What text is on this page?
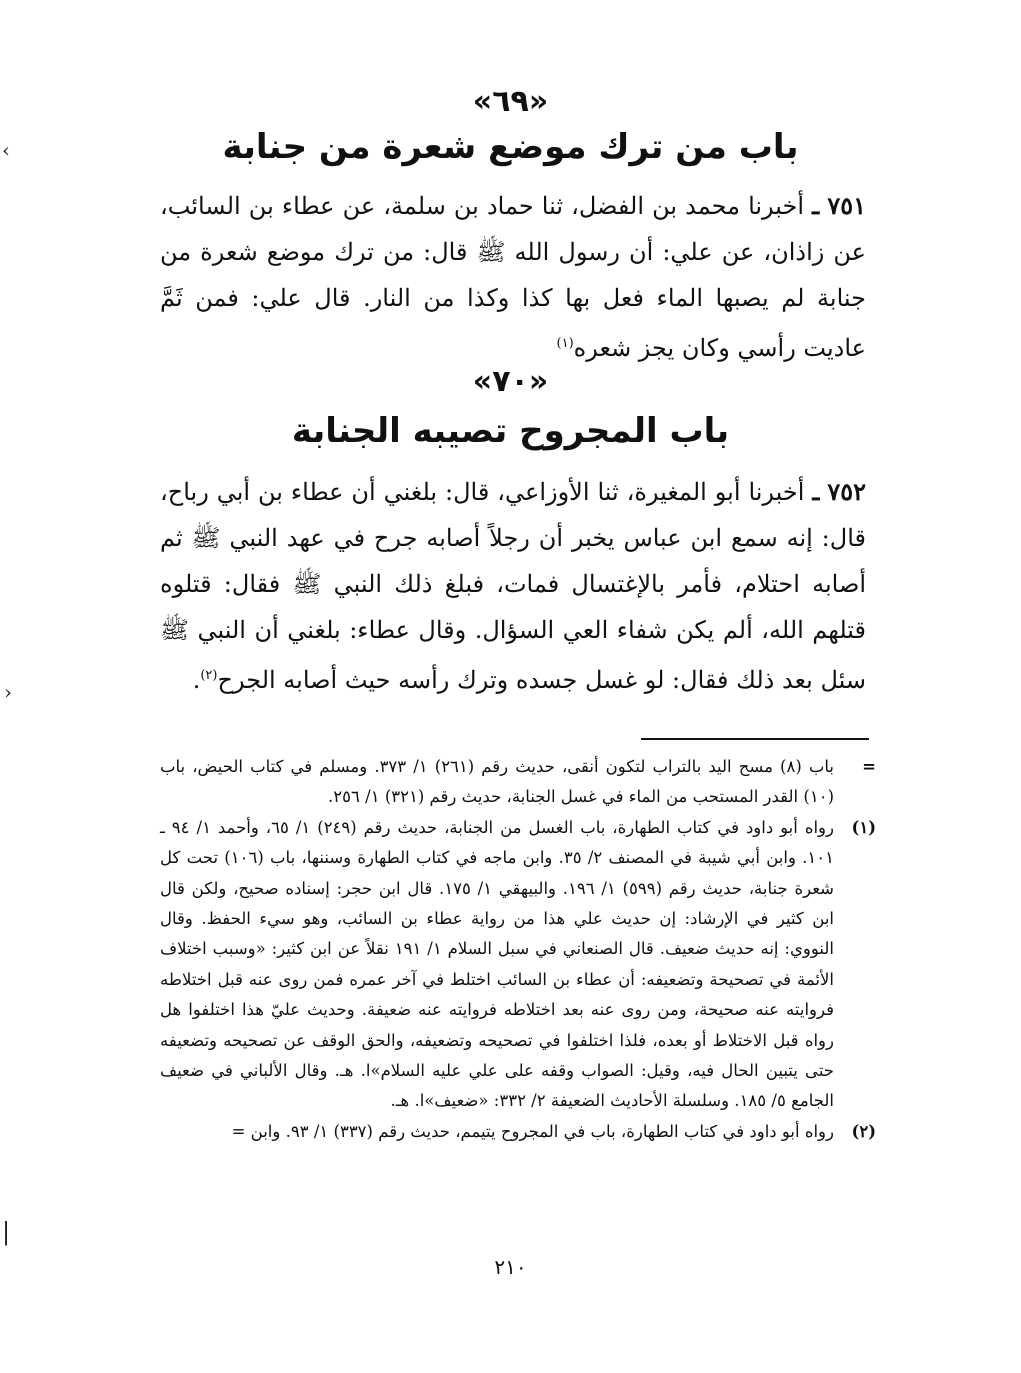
›
‹
|
«٦٩»
باب من ترك موضع شعرة من جنابة
٧٥١ ـ أخبرنا محمد بن الفضل، ثنا حماد بن سلمة، عن عطاء بن السائب، عن زاذان، عن علي: أن رسول الله ﷺ قال: من ترك موضع شعرة من جنابة لم يصبها الماء فعل بها كذا وكذا من النار. قال علي: فمن ثَمَّ عاديت رأسي وكان يجز شعره$^{(١)}$
«٧٠»
باب المجروح تصيبه الجنابة
٧٥٢ ـ أخبرنا أبو المغيرة، ثنا الأوزاعي، قال: بلغني أن عطاء بن أبي رباح، قال: إنه سمع ابن عباس يخبر أن رجلاً أصابه جرح في عهد النبي ﷺ ثم أصابه احتلام، فأمر بالإغتسال فمات، فبلغ ذلك النبي ﷺ فقال: قتلوه قتلهم الله، ألم يكن شفاء العي السؤال. وقال عطاء: بلغني أن النبي ﷺ سئل بعد ذلك فقال: لو غسل جسده وترك رأسه حيث أصابه الجرح$^{(٢)}$.
=
باب (٨) مسح اليد بالتراب لتكون أنقى، حديث رقم (٢٦١) ١/ ٣٧٣. ومسلم في كتاب الحيض، باب (١٠) القدر المستحب من الماء في غسل الجنابة، حديث رقم (٣٢١) ١/ ٢٥٦.
(١)
رواه أبو داود في كتاب الطهارة، باب الغسل من الجنابة، حديث رقم (٢٤٩) ١/ ٦٥، وأحمد ١/ ٩٤ ـ ١٠١. وابن أبي شيبة في المصنف ٢/ ٣٥. وابن ماجه في كتاب الطهارة وسننها، باب (١٠٦) تحت كل شعرة جنابة، حديث رقم (٥٩٩) ١/ ١٩٦. والبيهقي ١/ ١٧٥. قال ابن حجر: إسناده صحيح، ولكن قال ابن كثير في الإرشاد: إن حديث علي هذا من رواية عطاء بن السائب، وهو سيء الحفظ. وقال النووي: إنه حديث ضعيف. قال الصنعاني في سبل السلام ١/ ١٩١ نقلاً عن ابن كثير: «وسبب اختلاف الأئمة في تصحيحة وتضعيفه: أن عطاء بن السائب اختلط في آخر عمره فمن روى عنه قبل اختلاطه فروايته عنه صحيحة، ومن روى عنه بعد اختلاطه فروايته عنه ضعيفة. وحديث عليّ هذا اختلفوا هل رواه قبل الاختلاط أو بعده، فلذا اختلفوا في تصحيحه وتضعيفه، والحق الوقف عن تصحيحه وتضعيفه حتى يتبين الحال فيه، وقيل: الصواب وقفه على علي عليه السلام»ا. هـ. وقال الألباني في ضعيف الجامع ٥/ ١٨٥. وسلسلة الأحاديث الضعيفة ٢/ ٣٣٢: «ضعيف»ا. هـ.
(٢)
رواه أبو داود في كتاب الطهارة، باب في المجروح يتيمم، حديث رقم (٣٣٧) ١/ ٩٣. وابن =
٢١٠
